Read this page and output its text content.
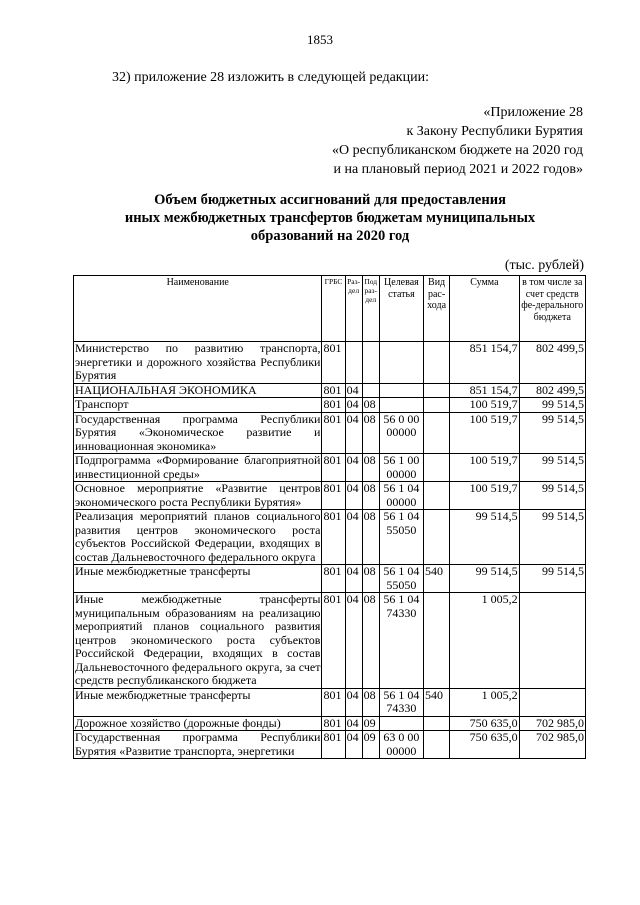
1853
32) приложение 28 изложить в следующей редакции:
«Приложение 28
к Закону Республики Бурятия
«О республиканском бюджете на 2020 год
и на плановый период 2021 и 2022 годов»
Объем бюджетных ассигнований для предоставления
иных межбюджетных трансфертов бюджетам муниципальных
образований на 2020 год
(тыс. рублей)
Наименование	ГРБС	Раз-дел	Под раз-дел	Целевая статья	Вид рас-хода	Сумма	в том числе за счет средств фе-дерального бюджета
Министерство по развитию транспорта, энергетики и дорожного хозяйства Республики Бурятия	801					851 154,7	802 499,5
НАЦИОНАЛЬНАЯ ЭКОНОМИКА	801	04				851 154,7	802 499,5
Транспорт	801	04	08			100 519,7	99 514,5
Государственная программа Республики Бурятия «Экономическое развитие и инновационная экономика»	801	04	08	56 0 00 00000		100 519,7	99 514,5
Подпрограмма «Формирование благоприятной инвестиционной среды»	801	04	08	56 1 00 00000		100 519,7	99 514,5
Основное мероприятие «Развитие центров экономического роста Республики Бурятия»	801	04	08	56 1 04 00000		100 519,7	99 514,5
Реализация мероприятий планов социального развития центров экономического роста субъектов Российской Федерации, входящих в состав Дальневосточного федерального округа	801	04	08	56 1 04 55050		99 514,5	99 514,5
Иные межбюджетные трансферты	801	04	08	56 1 04 55050	540	99 514,5	99 514,5
Иные межбюджетные трансферты муниципальным образованиям на реализацию мероприятий планов социального развития центров экономического роста субъектов Российской Федерации, входящих в состав Дальневосточного федерального округа, за счет средств республиканского бюджета	801	04	08	56 1 04 74330		1 005,2	
Иные межбюджетные трансферты	801	04	08	56 1 04 74330	540	1 005,2	
Дорожное хозяйство (дорожные фонды)	801	04	09			750 635,0	702 985,0
Государственная программа Республики Бурятия «Развитие транспорта, энергетики	801	04	09	63 0 00 00000		750 635,0	702 985,0
